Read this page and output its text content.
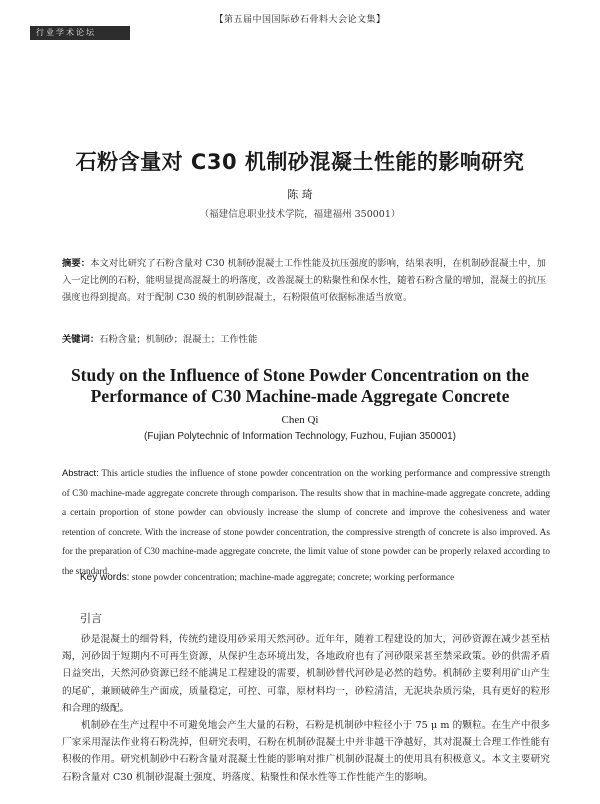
【第五届中国国际砂石骨料大会论文集】
行业学术论坛
石粉含量对 C30 机制砂混凝土性能的影响研究
陈 琦
（福建信息职业技术学院，福建福州 350001）
摘要：本文对比研究了石粉含量对 C30 机制砂混凝土工作性能及抗压强度的影响，结果表明，在机制砂混凝土中，加入一定比例的石粉，能明显提高混凝土的坍落度，改善混凝土的粘聚性和保水性，随着石粉含量的增加，混凝土的抗压强度也得到提高。对于配制 C30 级的机制砂混凝土，石粉限值可依据标准适当放宽。
关键词：石粉含量；机制砂；混凝土；工作性能
Study on the Influence of Stone Powder Concentration on the
Performance of C30 Machine-made Aggregate Concrete
Chen Qi
(Fujian Polytechnic of Information Technology, Fuzhou, Fujian 350001)
Abstract: This article studies the influence of stone powder concentration on the working performance and compressive strength of C30 machine-made aggregate concrete through comparison. The results show that in machine-made aggregate concrete, adding a certain proportion of stone powder can obviously increase the slump of concrete and improve the cohesiveness and water retention of concrete. With the increase of stone powder concentration, the compressive strength of concrete is also improved. As for the preparation of C30 machine-made aggregate concrete, the limit value of stone powder can be properly relaxed according to the standard.
Key words: stone powder concentration; machine-made aggregate; concrete; working performance
引言

砂是混凝土的细骨料，传统约建设用砂采用天然河砂。近年年，随着工程建设的加大，河砂资源在减少甚至枯竭，河砂固于短期内不可再生资源，从保护生态环境出发，各地政府也有了河砂限采甚至禁采政策。砂的供需矛盾日益突出，天然河砂资源已经不能满足工程建设的需要，机制砂替代河砂是必然的趋势。机制砂主要利用矿山产生的尾矿，兼顾破碎生产面成，质量稳定，可控、可靠，原材料均一，砂粒清洁，无泥块杂质污染，具有更好的粒形和合理的级配。

机制砂在生产过程中不可避免地会产生大量的石粉，石粉是机制砂中粒径小于 75 μ m 的颗粒。在生产中很多厂家采用湿法作业将石粉洗掉，但研究表明，石粉在机制砂混凝土中并非越干净越好，其对混凝土合理工作性能有积极的作用。研究机制砂中石粉含量对混凝土性能的影响对推广机制砂混凝土的使用具有积极意义。本文主要研究石粉含量对 C30 机制砂混凝土强度、坍落度、粘聚性和保水性等工作性能产生的影响。
